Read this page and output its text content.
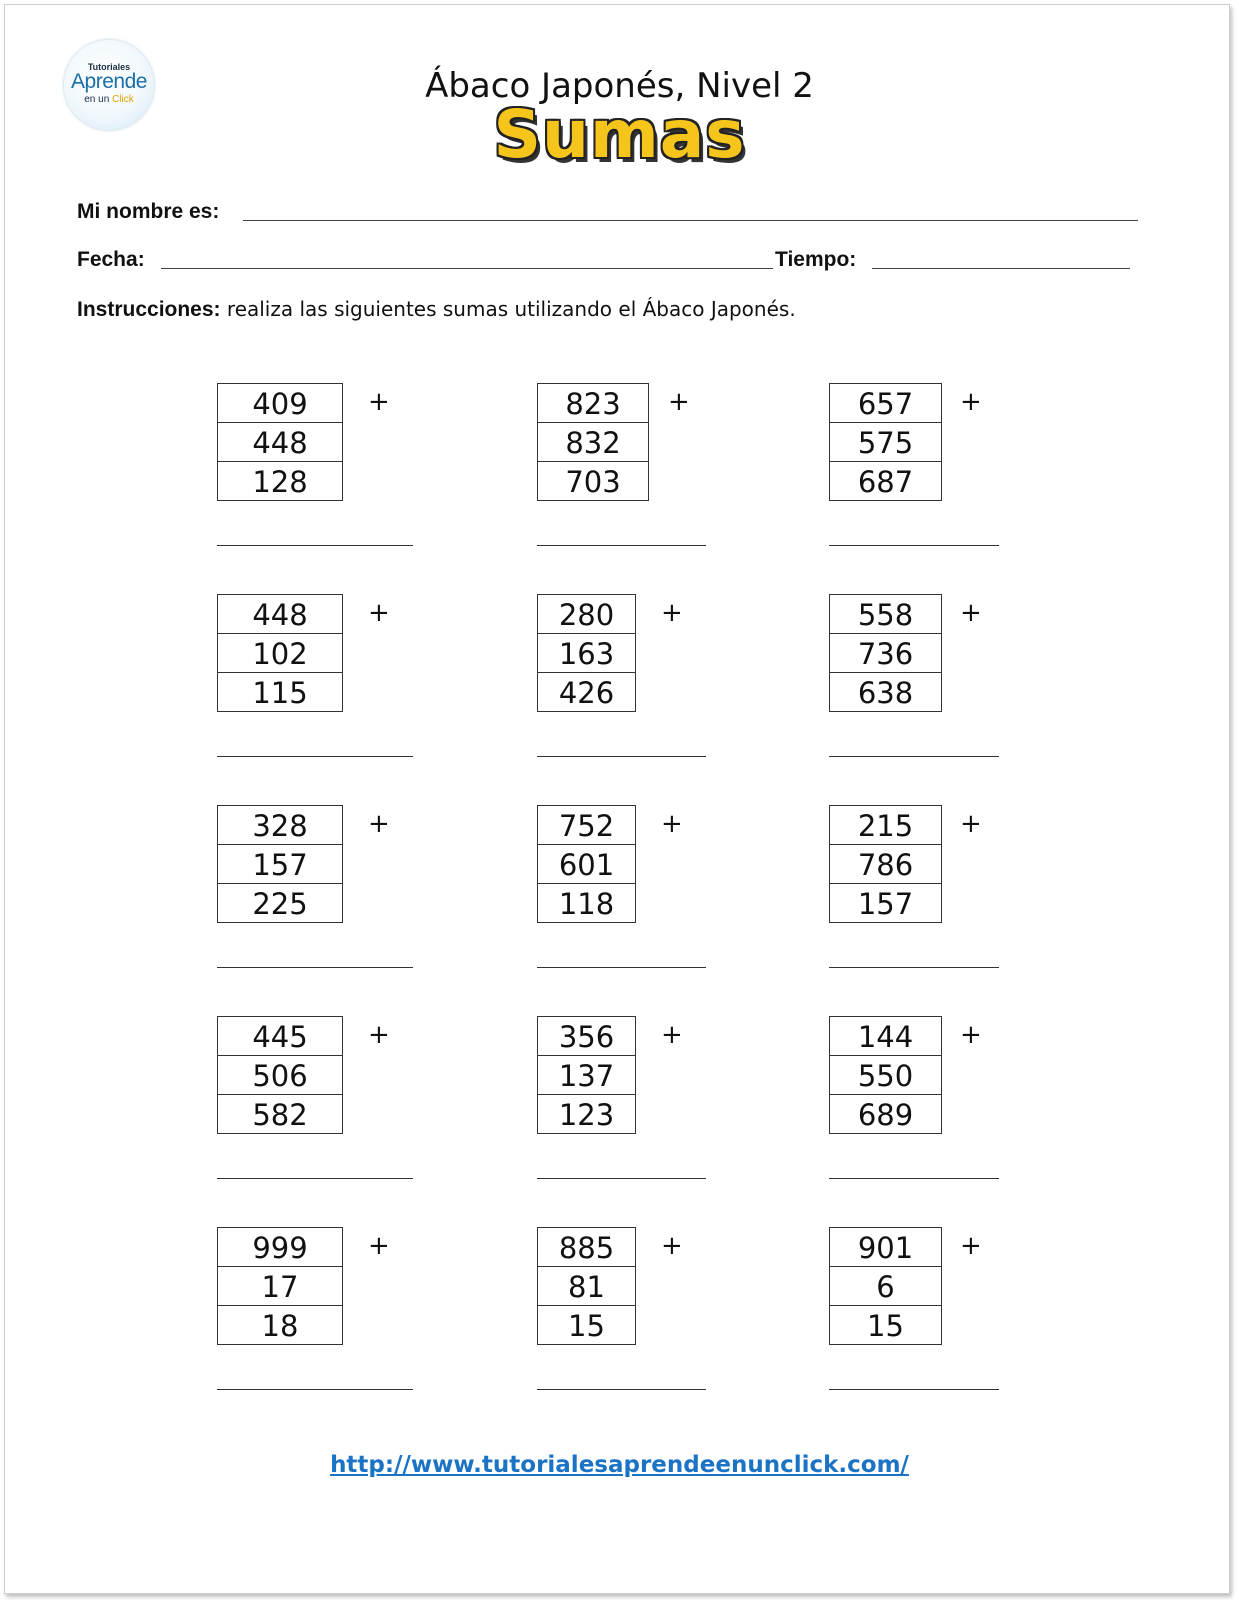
Tutoriales
Aprende
en un Click	Ábaco Japonés, Nivel 2
Sumas
Mi nombre es:
Fecha:	Tiempo:
Instrucciones: realiza las siguientes sumas utilizando el Ábaco Japonés.
409
448
128
+	823
832
703
+	657
575
687
+
448
102
115
+	280
163
426
+	558
736
638
+
328
157
225
+	752
601
118
+	215
786
157
+
445
506
582
+	356
137
123
+	144
550
689
+
999
17
18
+	885
81
15
+	901
6
15
+
http://www.tutorialesaprendeenunclick.com/
